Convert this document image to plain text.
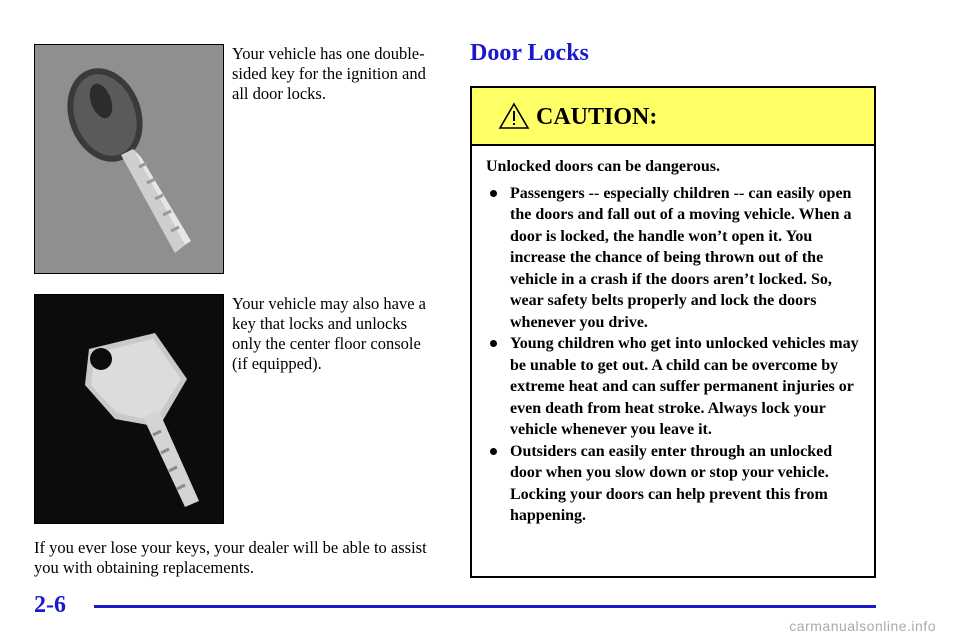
Your vehicle has one double-sided key for the ignition and all door locks.
Your vehicle may also have a key that locks and unlocks only the center floor console (if equipped).
If you ever lose your keys, your dealer will be able to assist you with obtaining replacements.
Door Locks
CAUTION:

Unlocked doors can be dangerous.

Passengers -- especially children -- can easily open the doors and fall out of a moving vehicle. When a door is locked, the handle won’t open it. You increase the chance of being thrown out of the vehicle in a crash if the doors aren’t locked. So, wear safety belts properly and lock the doors whenever you drive.
Young children who get into unlocked vehicles may be unable to get out. A child can be overcome by extreme heat and can suffer permanent injuries or even death from heat stroke. Always lock your vehicle whenever you leave it.
Outsiders can easily enter through an unlocked door when you slow down or stop your vehicle. Locking your doors can help prevent this from happening.
2-6
carmanualsonline.info
